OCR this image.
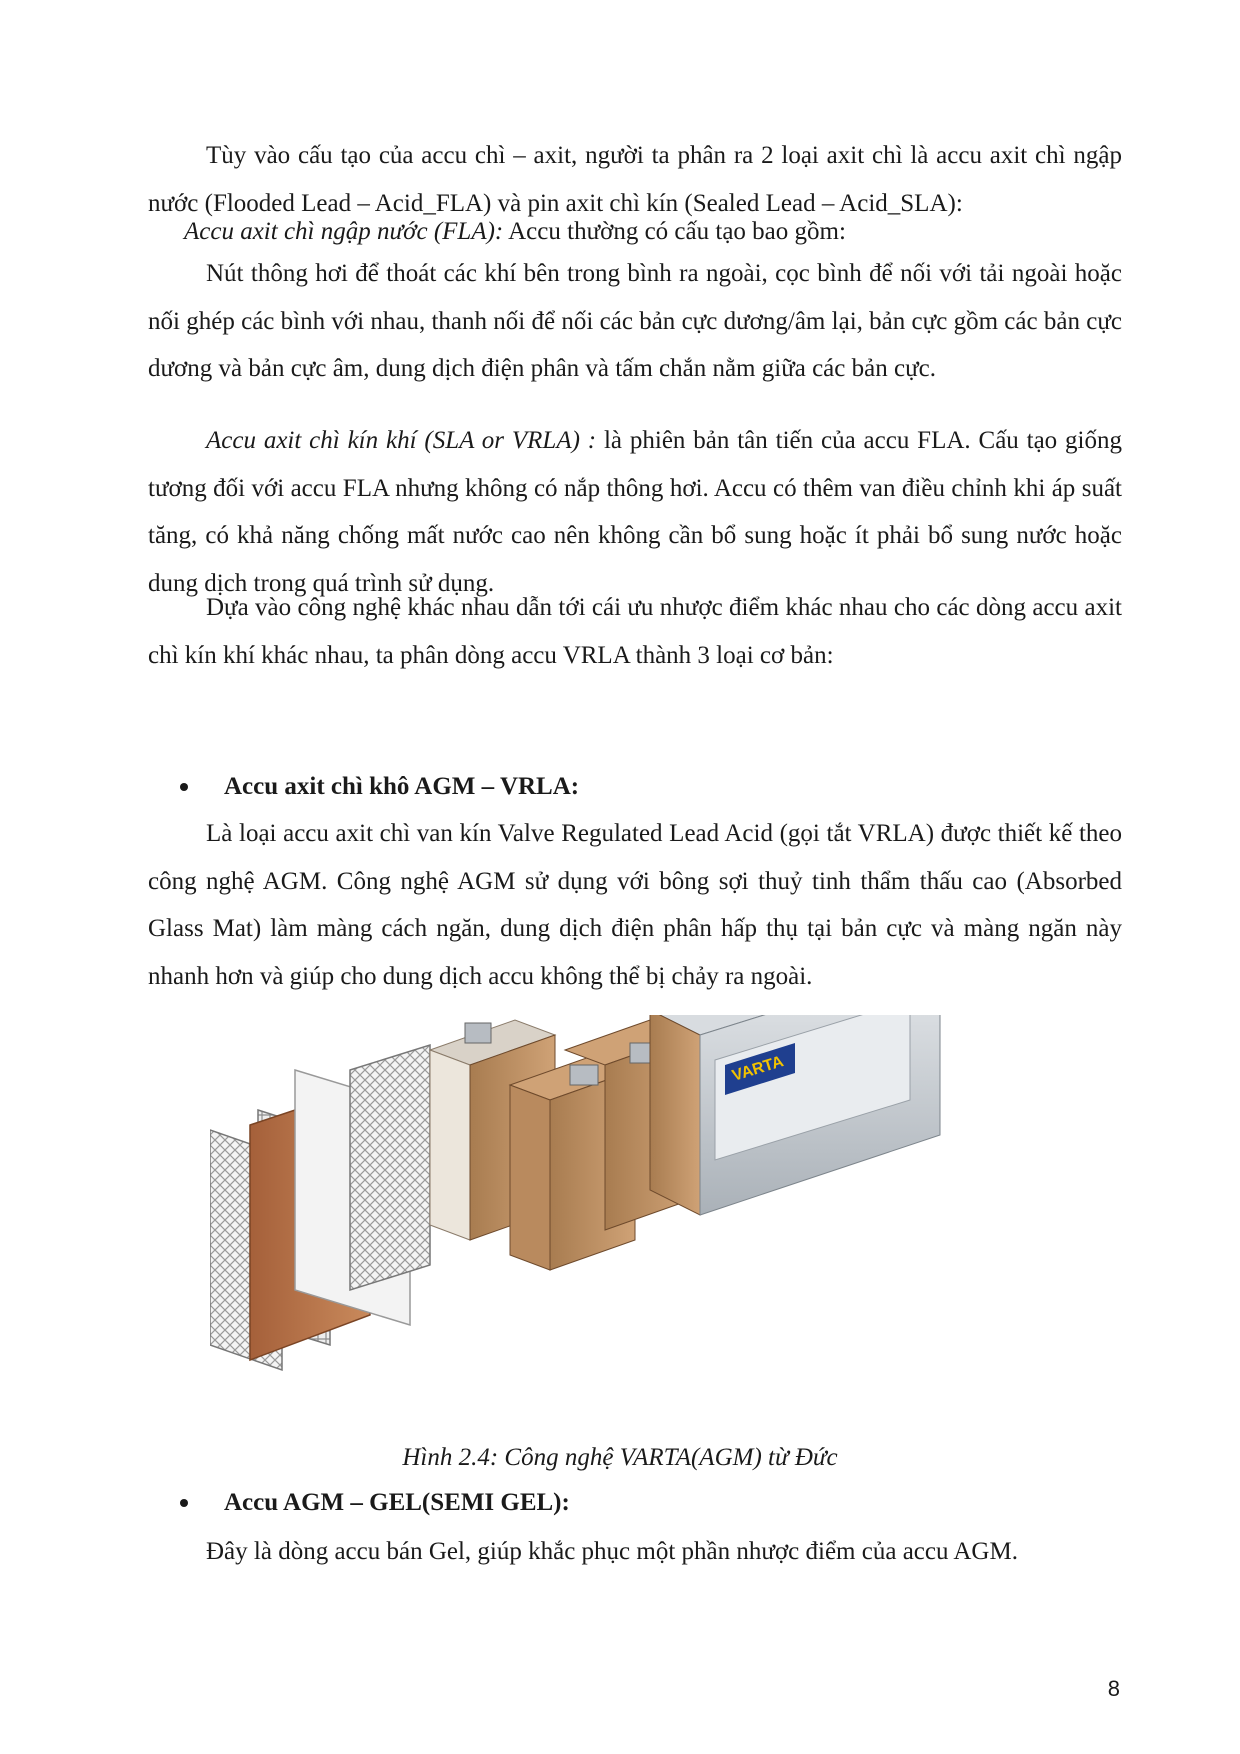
Tùy vào cấu tạo của accu chì – axit, người ta phân ra 2 loại axit chì là accu axit chì ngập nước (Flooded Lead – Acid_FLA) và pin axit chì kín (Sealed Lead – Acid_SLA):

Accu axit chì ngập nước (FLA): Accu thường có cấu tạo bao gồm:

Nút thông hơi để thoát các khí bên trong bình ra ngoài, cọc bình để nối với tải ngoài hoặc nối ghép các bình với nhau, thanh nối để nối các bản cực dương/âm lại, bản cực gồm các bản cực dương và bản cực âm, dung dịch điện phân và tấm chắn nằm giữa các bản cực.

Accu axit chì kín khí (SLA or VRLA) : là phiên bản tân tiến của accu FLA. Cấu tạo giống tương đối với accu FLA nhưng không có nắp thông hơi. Accu có thêm van điều chỉnh khi áp suất tăng, có khả năng chống mất nước cao nên không cần bổ sung hoặc ít phải bổ sung nước hoặc dung dịch trong quá trình sử dụng.

Dựa vào công nghệ khác nhau dẫn tới cái ưu nhược điểm khác nhau cho các dòng accu axit chì kín khí khác nhau, ta phân dòng accu VRLA thành 3 loại cơ bản:

Accu axit chì khô AGM – VRLA:

Là loại accu axit chì van kín Valve Regulated Lead Acid (gọi tắt VRLA) được thiết kế theo công nghệ AGM. Công nghệ AGM sử dụng với bông sợi thuỷ tinh thẩm thấu cao (Absorbed Glass Mat) làm màng cách ngăn, dung dịch điện phân hấp thụ tại bản cực và màng ngăn này nhanh hơn và giúp cho dung dịch accu không thể bị chảy ra ngoài.

VARTA
Hình 2.4: Công nghệ VARTA(AGM) từ Đức
Accu AGM – GEL(SEMI GEL):

Đây là dòng accu bán Gel, giúp khắc phục một phần nhược điểm của accu AGM.

8
